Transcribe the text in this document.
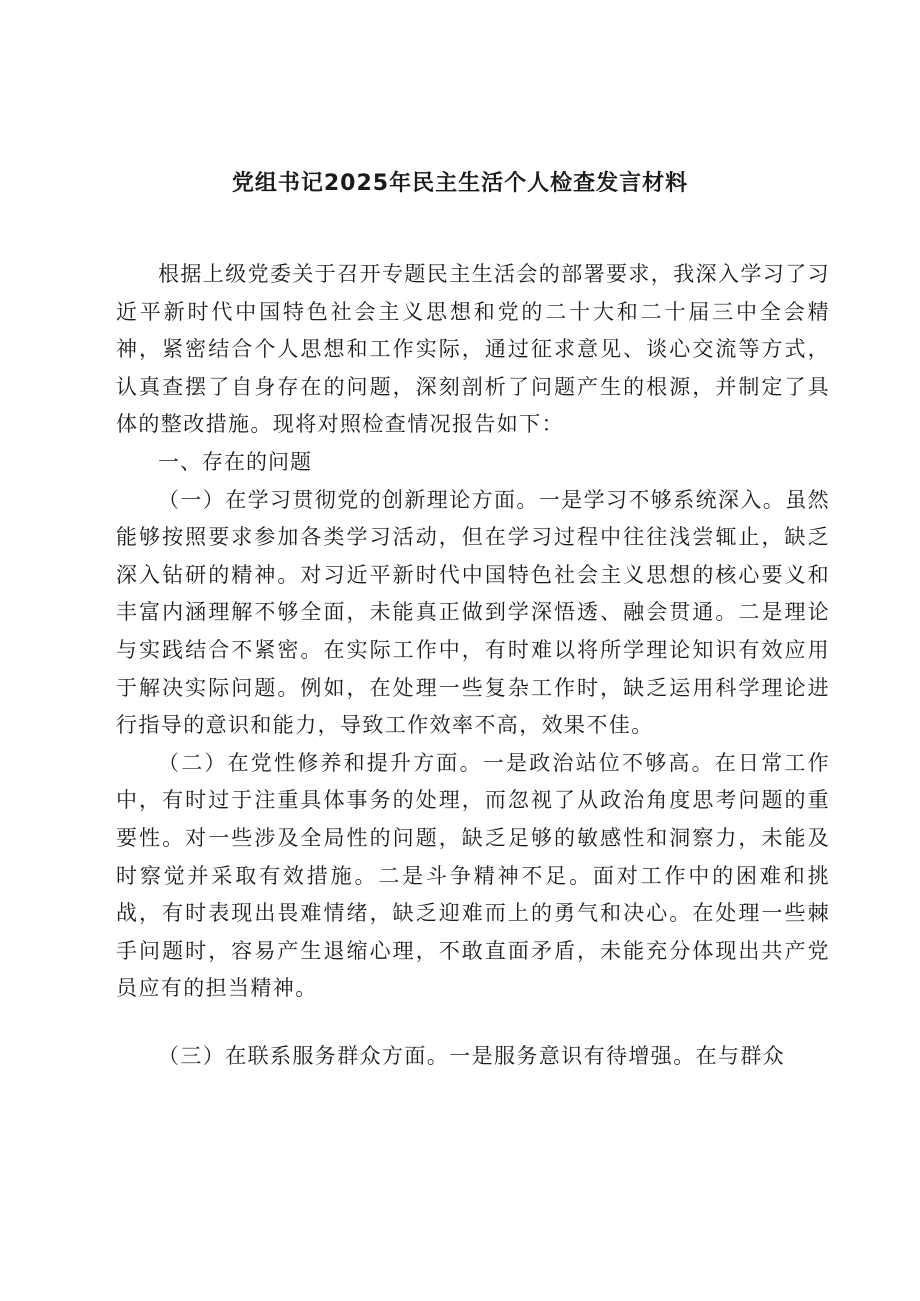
党组书记2025年民主生活个人检查发言材料

根据上级党委关于召开专题民主生活会的部署要求，我深入学习了习近平新时代中国特色社会主义思想和党的二十大和二十届三中全会精神，紧密结合个人思想和工作实际，通过征求意见、谈心交流等方式，认真查摆了自身存在的问题，深刻剖析了问题产生的根源，并制定了具体的整改措施。现将对照检查情况报告如下：

一、存在的问题

（一）在学习贯彻党的创新理论方面。一是学习不够系统深入。虽然能够按照要求参加各类学习活动，但在学习过程中往往浅尝辄止，缺乏深入钻研的精神。对习近平新时代中国特色社会主义思想的核心要义和丰富内涵理解不够全面，未能真正做到学深悟透、融会贯通。二是理论与实践结合不紧密。在实际工作中，有时难以将所学理论知识有效应用于解决实际问题。例如，在处理一些复杂工作时，缺乏运用科学理论进行指导的意识和能力，导致工作效率不高，效果不佳。

（二）在党性修养和提升方面。一是政治站位不够高。在日常工作中，有时过于注重具体事务的处理，而忽视了从政治角度思考问题的重要性。对一些涉及全局性的问题，缺乏足够的敏感性和洞察力，未能及时察觉并采取有效措施。二是斗争精神不足。面对工作中的困难和挑战，有时表现出畏难情绪，缺乏迎难而上的勇气和决心。在处理一些棘手问题时，容易产生退缩心理，不敢直面矛盾，未能充分体现出共产党员应有的担当精神。

（三）在联系服务群众方面。一是服务意识有待增强。在与群众
